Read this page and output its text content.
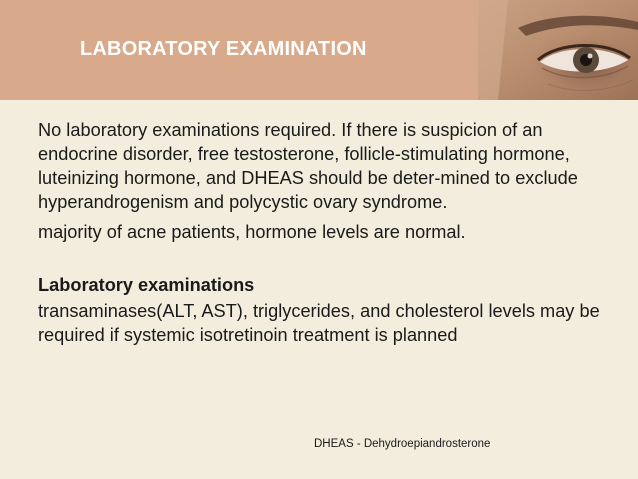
LABORATORY EXAMINATION

No laboratory examinations required. If there is suspicion of an endocrine disorder, free testosterone, follicle-stimulating hormone, luteinizing hormone, and DHEAS should be deter-mined to exclude hyperandrogenism and polycystic ovary syndrome.

majority of acne patients, hormone levels are normal.

Laboratory examinations

transaminases(ALT, AST), triglycerides, and cholesterol levels may be required if systemic isotretinoin treatment is planned

DHEAS - Dehydroepiandrosterone
